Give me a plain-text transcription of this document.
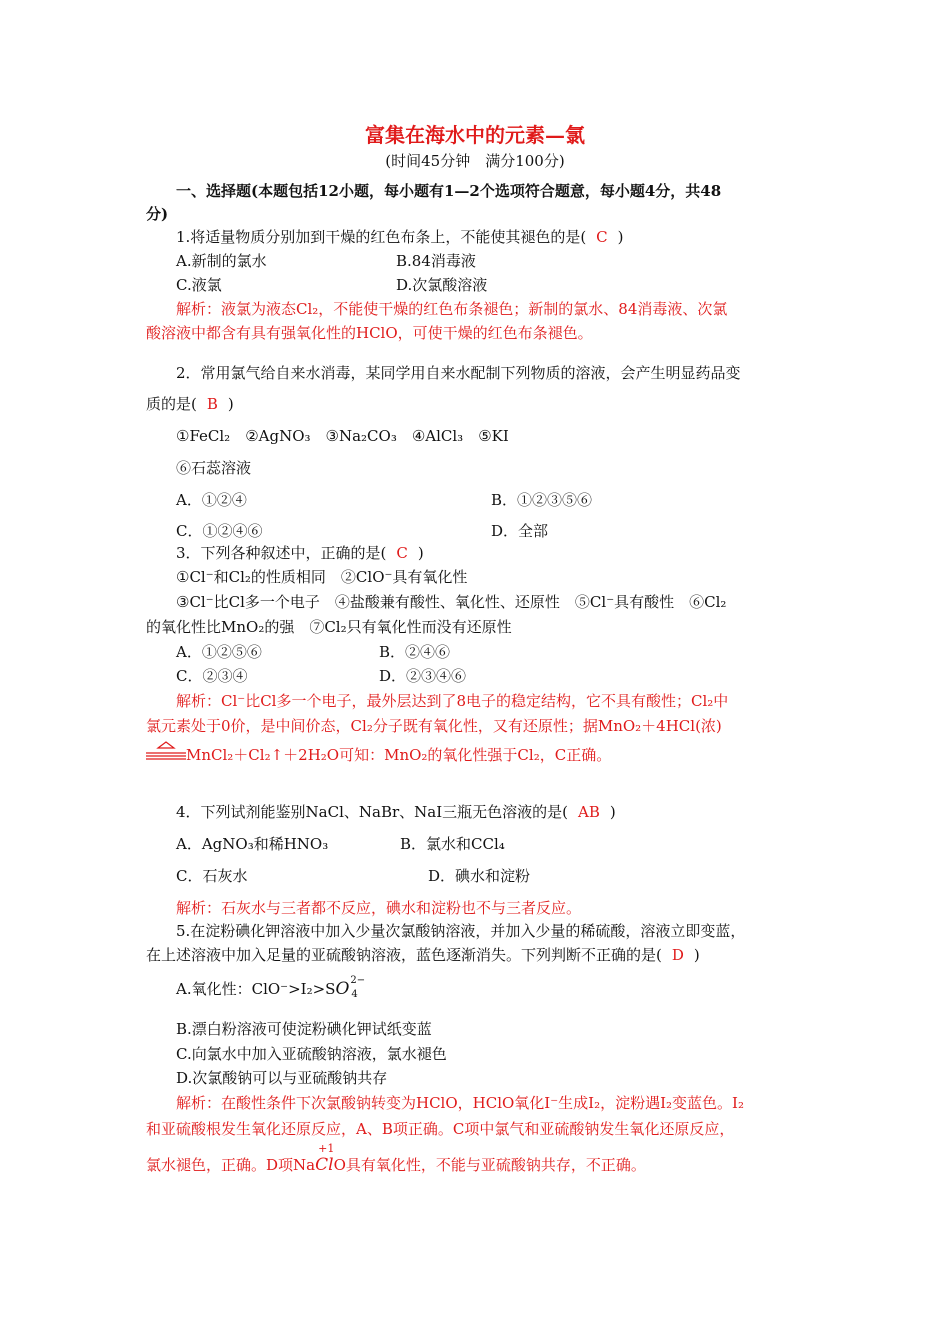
富集在海水中的元素—氯
(时间45分钟　满分100分)
一、选择题(本题包括12小题，每小题有1—2个选项符合题意，每小题4分，共48
分)
1.将适量物质分别加到干燥的红色布条上，不能使其褪色的是( C )
A.新制的氯水	B.84消毒液
C.液氯	D.次氯酸溶液
解析：液氯为液态Cl₂，不能使干燥的红色布条褪色；新制的氯水、84消毒液、次氯
酸溶液中都含有具有强氧化性的HClO，可使干燥的红色布条褪色。
2．常用氯气给自来水消毒，某同学用自来水配制下列物质的溶液，会产生明显药品变
质的是( B )
①FeCl₂　②AgNO₃　③Na₂CO₃　④AlCl₃　⑤KI
⑥石蕊溶液
A．①②④	B．①②③⑤⑥
C．①②④⑥	D．全部
3．下列各种叙述中，正确的是( C )
①Cl⁻和Cl₂的性质相同　②ClO⁻具有氧化性
③Cl⁻比Cl多一个电子　④盐酸兼有酸性、氧化性、还原性　⑤Cl⁻具有酸性　⑥Cl₂
的氧化性比MnO₂的强　⑦Cl₂只有氧化性而没有还原性
A．①②⑤⑥	B．②④⑥
C．②③④	D．②③④⑥
解析：Cl⁻比Cl多一个电子，最外层达到了8电子的稳定结构，它不具有酸性；Cl₂中
氯元素处于0价，是中间价态，Cl₂分子既有氧化性，又有还原性；据MnO₂＋4HCl(浓)
MnCl₂＋Cl₂↑＋2H₂O可知：MnO₂的氧化性强于Cl₂，C正确。
4．下列试剂能鉴别NaCl、NaBr、NaI三瓶无色溶液的是( AB )
A．AgNO₃和稀HNO₃	B．氯水和CCl₄
C．石灰水	D．碘水和淀粉
解析：石灰水与三者都不反应，碘水和淀粉也不与三者反应。
5.在淀粉碘化钾溶液中加入少量次氯酸钠溶液，并加入少量的稀硫酸，溶液立即变蓝，
在上述溶液中加入足量的亚硫酸钠溶液，蓝色逐渐消失。下列判断不正确的是( D )
A.氧化性：ClO⁻>I₂>SO 2−
4
B.漂白粉溶液可使淀粉碘化钾试纸变蓝
C.向氯水中加入亚硫酸钠溶液，氯水褪色
D.次氯酸钠可以与亚硫酸钠共存
解析：在酸性条件下次氯酸钠转变为HClO，HClO氧化I⁻生成I₂，淀粉遇I₂变蓝色。I₂
和亚硫酸根发生氧化还原反应，A、B项正确。C项中氯气和亚硫酸钠发生氧化还原反应，
氯水褪色，正确。D项Na
+1
ClO具有氧化性，不能与亚硫酸钠共存，不正确。
